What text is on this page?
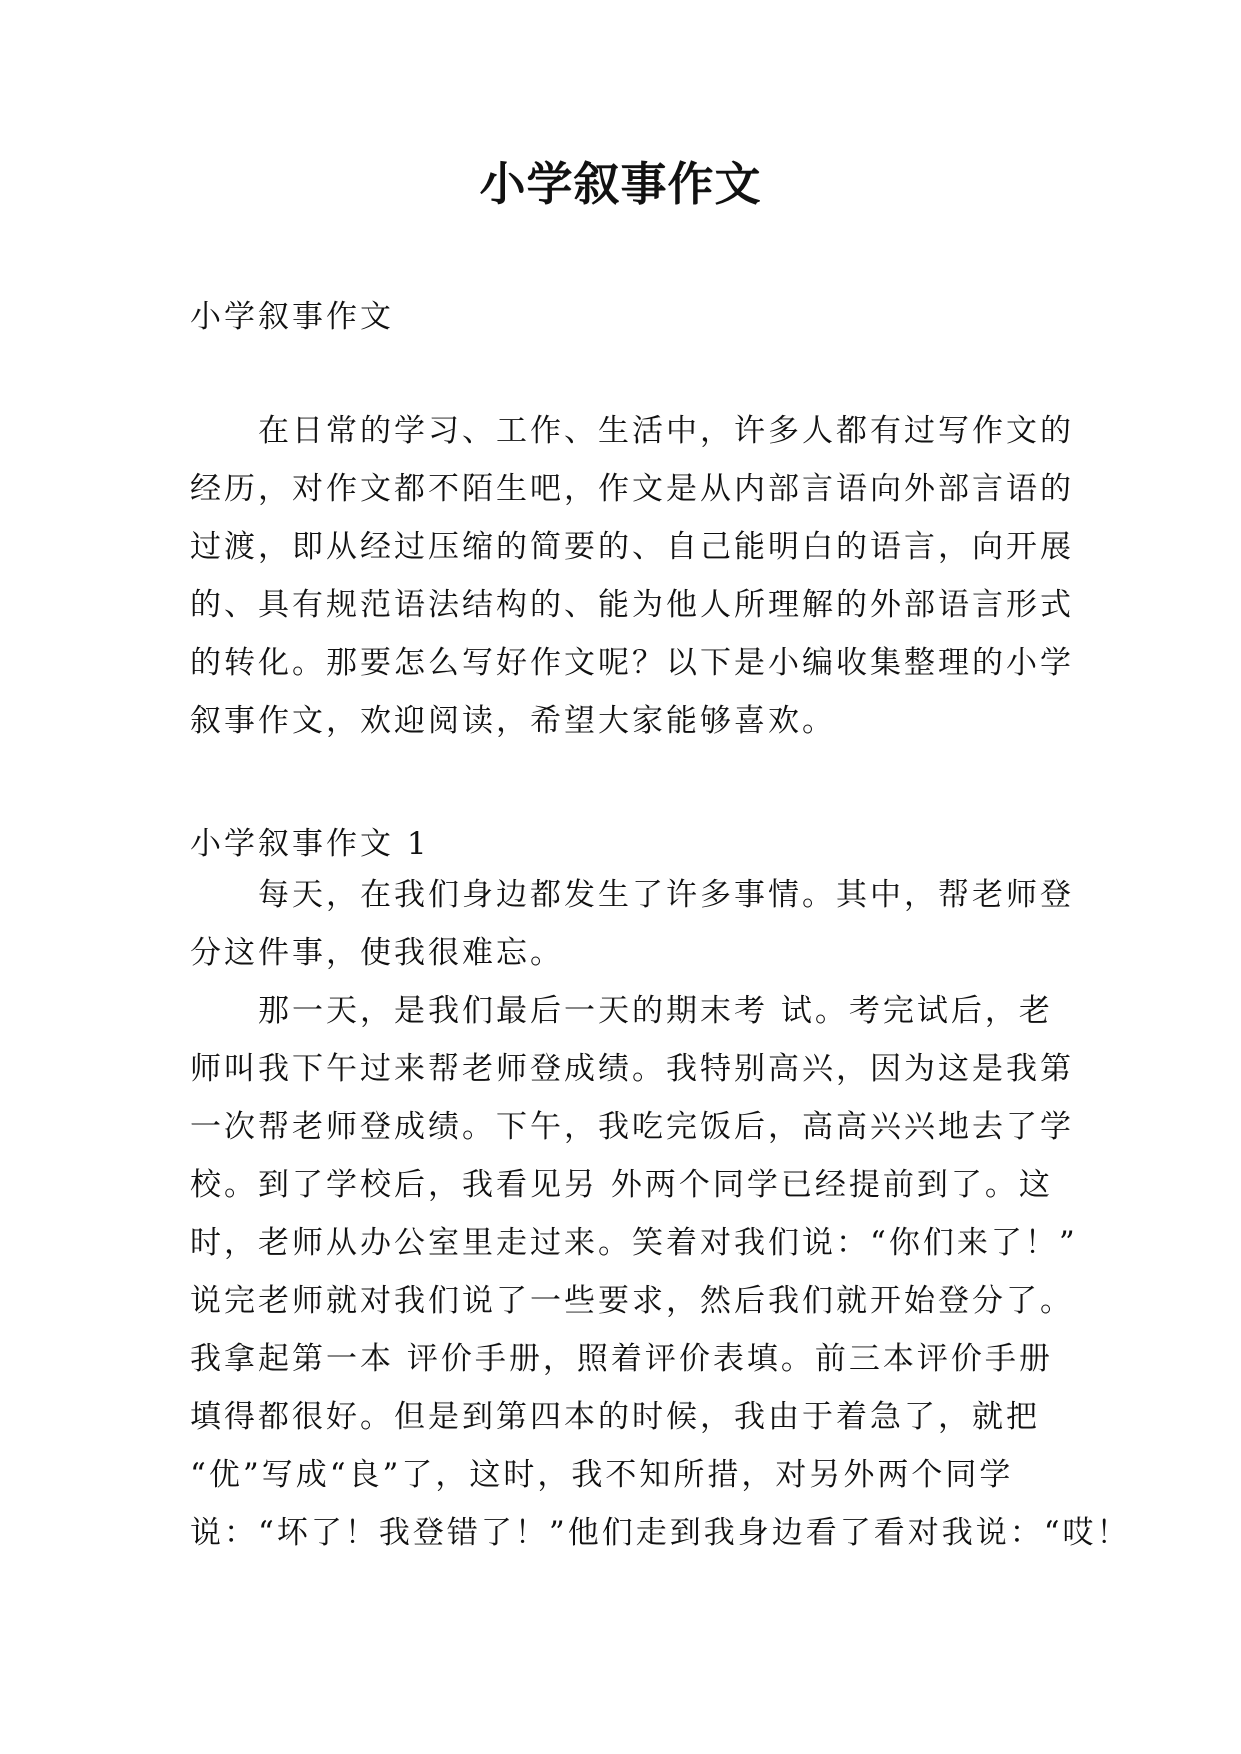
小学叙事作文
小学叙事作文
在日常的学习、工作、生活中，许多人都有过写作文的
经历，对作文都不陌生吧，作文是从内部言语向外部言语的
过渡，即从经过压缩的简要的、自己能明白的语言，向开展
的、具有规范语法结构的、能为他人所理解的外部语言形式
的转化。那要怎么写好作文呢？以下是小编收集整理的小学
叙事作文，欢迎阅读，希望大家能够喜欢。
小学叙事作文 1
每天，在我们身边都发生了许多事情。其中，帮老师登
分这件事，使我很难忘。
那一天，是我们最后一天的期末考 试。考完试后，老
师叫我下午过来帮老师登成绩。我特别高兴，因为这是我第
一次帮老师登成绩。下午，我吃完饭后，高高兴兴地去了学
校。到了学校后，我看见另 外两个同学已经提前到了。这
时，老师从办公室里走过来。笑着对我们说：“你们来了！”
说完老师就对我们说了一些要求，然后我们就开始登分了。
我拿起第一本 评价手册，照着评价表填。前三本评价手册
填得都很好。但是到第四本的时候，我由于着急了，就把
“优”写成“良”了，这时，我不知所措，对另外两个同学
说：“坏了！我登错了！”他们走到我身边看了看对我说：“哎！
